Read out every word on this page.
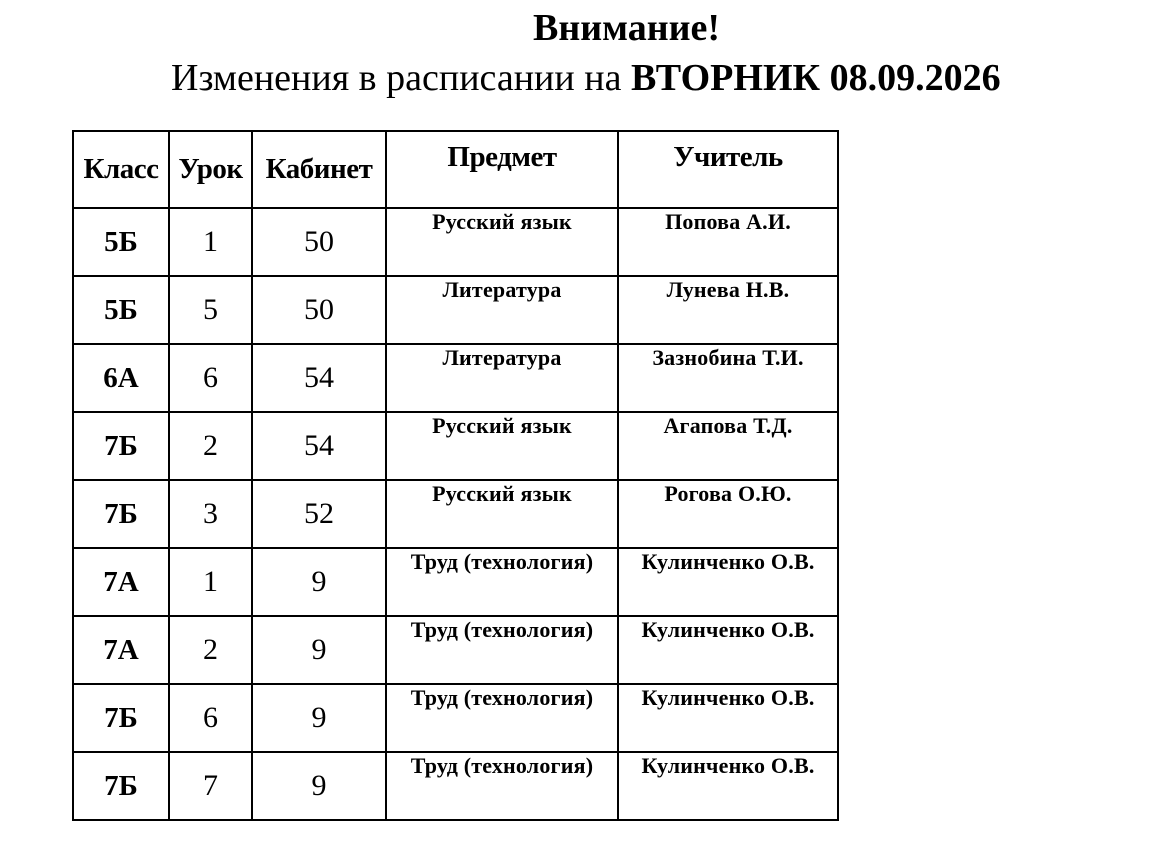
Внимание!
Изменения в расписании на ВТОРНИК 08.09.2026
Класс	Урок	Кабинет	Предмет	Учитель
5Б	1	50	Русский язык	Попова А.И.
5Б	5	50	Литература	Лунева Н.В.
6А	6	54	Литература	Зазнобина Т.И.
7Б	2	54	Русский язык	Агапова Т.Д.
7Б	3	52	Русский язык	Рогова О.Ю.
7А	1	9	Труд (технология)	Кулинченко О.В.
7А	2	9	Труд (технология)	Кулинченко О.В.
7Б	6	9	Труд (технология)	Кулинченко О.В.
7Б	7	9	Труд (технология)	Кулинченко О.В.
